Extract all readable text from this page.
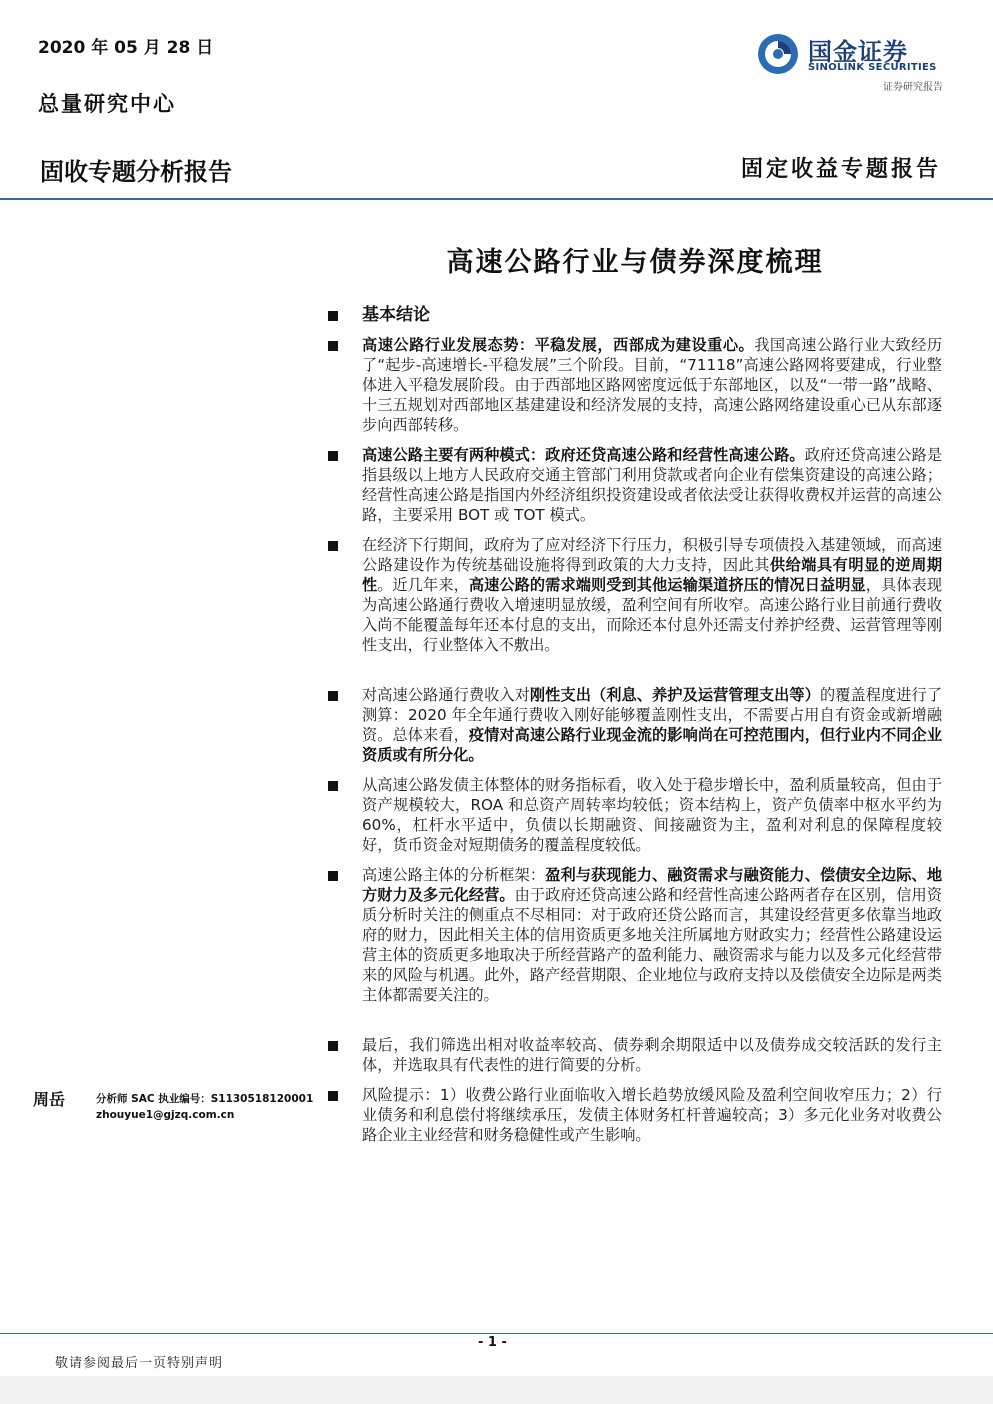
2020 年 05 月 28 日
总量研究中心
固收专题分析报告	固定收益专题报告
国金证券
SINOLINK SECURITIES
证券研究报告
高速公路行业与债券深度梳理
基本结论
高速公路行业发展态势：平稳发展，西部成为建设重心。我国高速公路行业大致经历了“起步-高速增长-平稳发展”三个阶段。目前，“71118”高速公路网将要建成，行业整体进入平稳发展阶段。由于西部地区路网密度远低于东部地区，以及“一带一路”战略、十三五规划对西部地区基建建设和经济发展的支持，高速公路网络建设重心已从东部逐步向西部转移。
高速公路主要有两种模式：政府还贷高速公路和经营性高速公路。政府还贷高速公路是指县级以上地方人民政府交通主管部门利用贷款或者向企业有偿集资建设的高速公路；经营性高速公路是指国内外经济组织投资建设或者依法受让获得收费权并运营的高速公路，主要采用 BOT 或 TOT 模式。
在经济下行期间，政府为了应对经济下行压力，积极引导专项债投入基建领域，而高速公路建设作为传统基础设施将得到政策的大力支持，因此其供给端具有明显的逆周期性。近几年来，高速公路的需求端则受到其他运输渠道挤压的情况日益明显，具体表现为高速公路通行费收入增速明显放缓，盈利空间有所收窄。高速公路行业目前通行费收入尚不能覆盖每年还本付息的支出，而除还本付息外还需支付养护经费、运营管理等刚性支出，行业整体入不敷出。
对高速公路通行费收入对刚性支出（利息、养护及运营管理支出等）的覆盖程度进行了测算：2020 年全年通行费收入刚好能够覆盖刚性支出，不需要占用自有资金或新增融资。总体来看，疫情对高速公路行业现金流的影响尚在可控范围内，但行业内不同企业资质或有所分化。
从高速公路发债主体整体的财务指标看，收入处于稳步增长中，盈利质量较高，但由于资产规模较大，ROA 和总资产周转率均较低；资本结构上，资产负债率中枢水平约为 60%，杠杆水平适中，负债以长期融资、间接融资为主，盈利对利息的保障程度较好，货币资金对短期债务的覆盖程度较低。
高速公路主体的分析框架：盈利与获现能力、融资需求与融资能力、偿债安全边际、地方财力及多元化经营。由于政府还贷高速公路和经营性高速公路两者存在区别，信用资质分析时关注的侧重点不尽相同：对于政府还贷公路而言，其建设经营更多依靠当地政府的财力，因此相关主体的信用资质更多地关注所属地方财政实力；经营性公路建设运营主体的资质更多地取决于所经营路产的盈利能力、融资需求与能力以及多元化经营带来的风险与机遇。此外，路产经营期限、企业地位与政府支持以及偿债安全边际是两类主体都需要关注的。
最后，我们筛选出相对收益率较高、债券剩余期限适中以及债券成交较活跃的发行主体，并选取具有代表性的进行简要的分析。
风险提示：1）收费公路行业面临收入增长趋势放缓风险及盈利空间收窄压力；2）行业债务和利息偿付将继续承压，发债主体财务杠杆普遍较高；3）多元化业务对收费公路企业主业经营和财务稳健性或产生影响。
周岳	分析师 SAC 执业编号：S1130518120001
zhouyue1@gjzq.com.cn
- 1 -
敬请参阅最后一页特别声明
